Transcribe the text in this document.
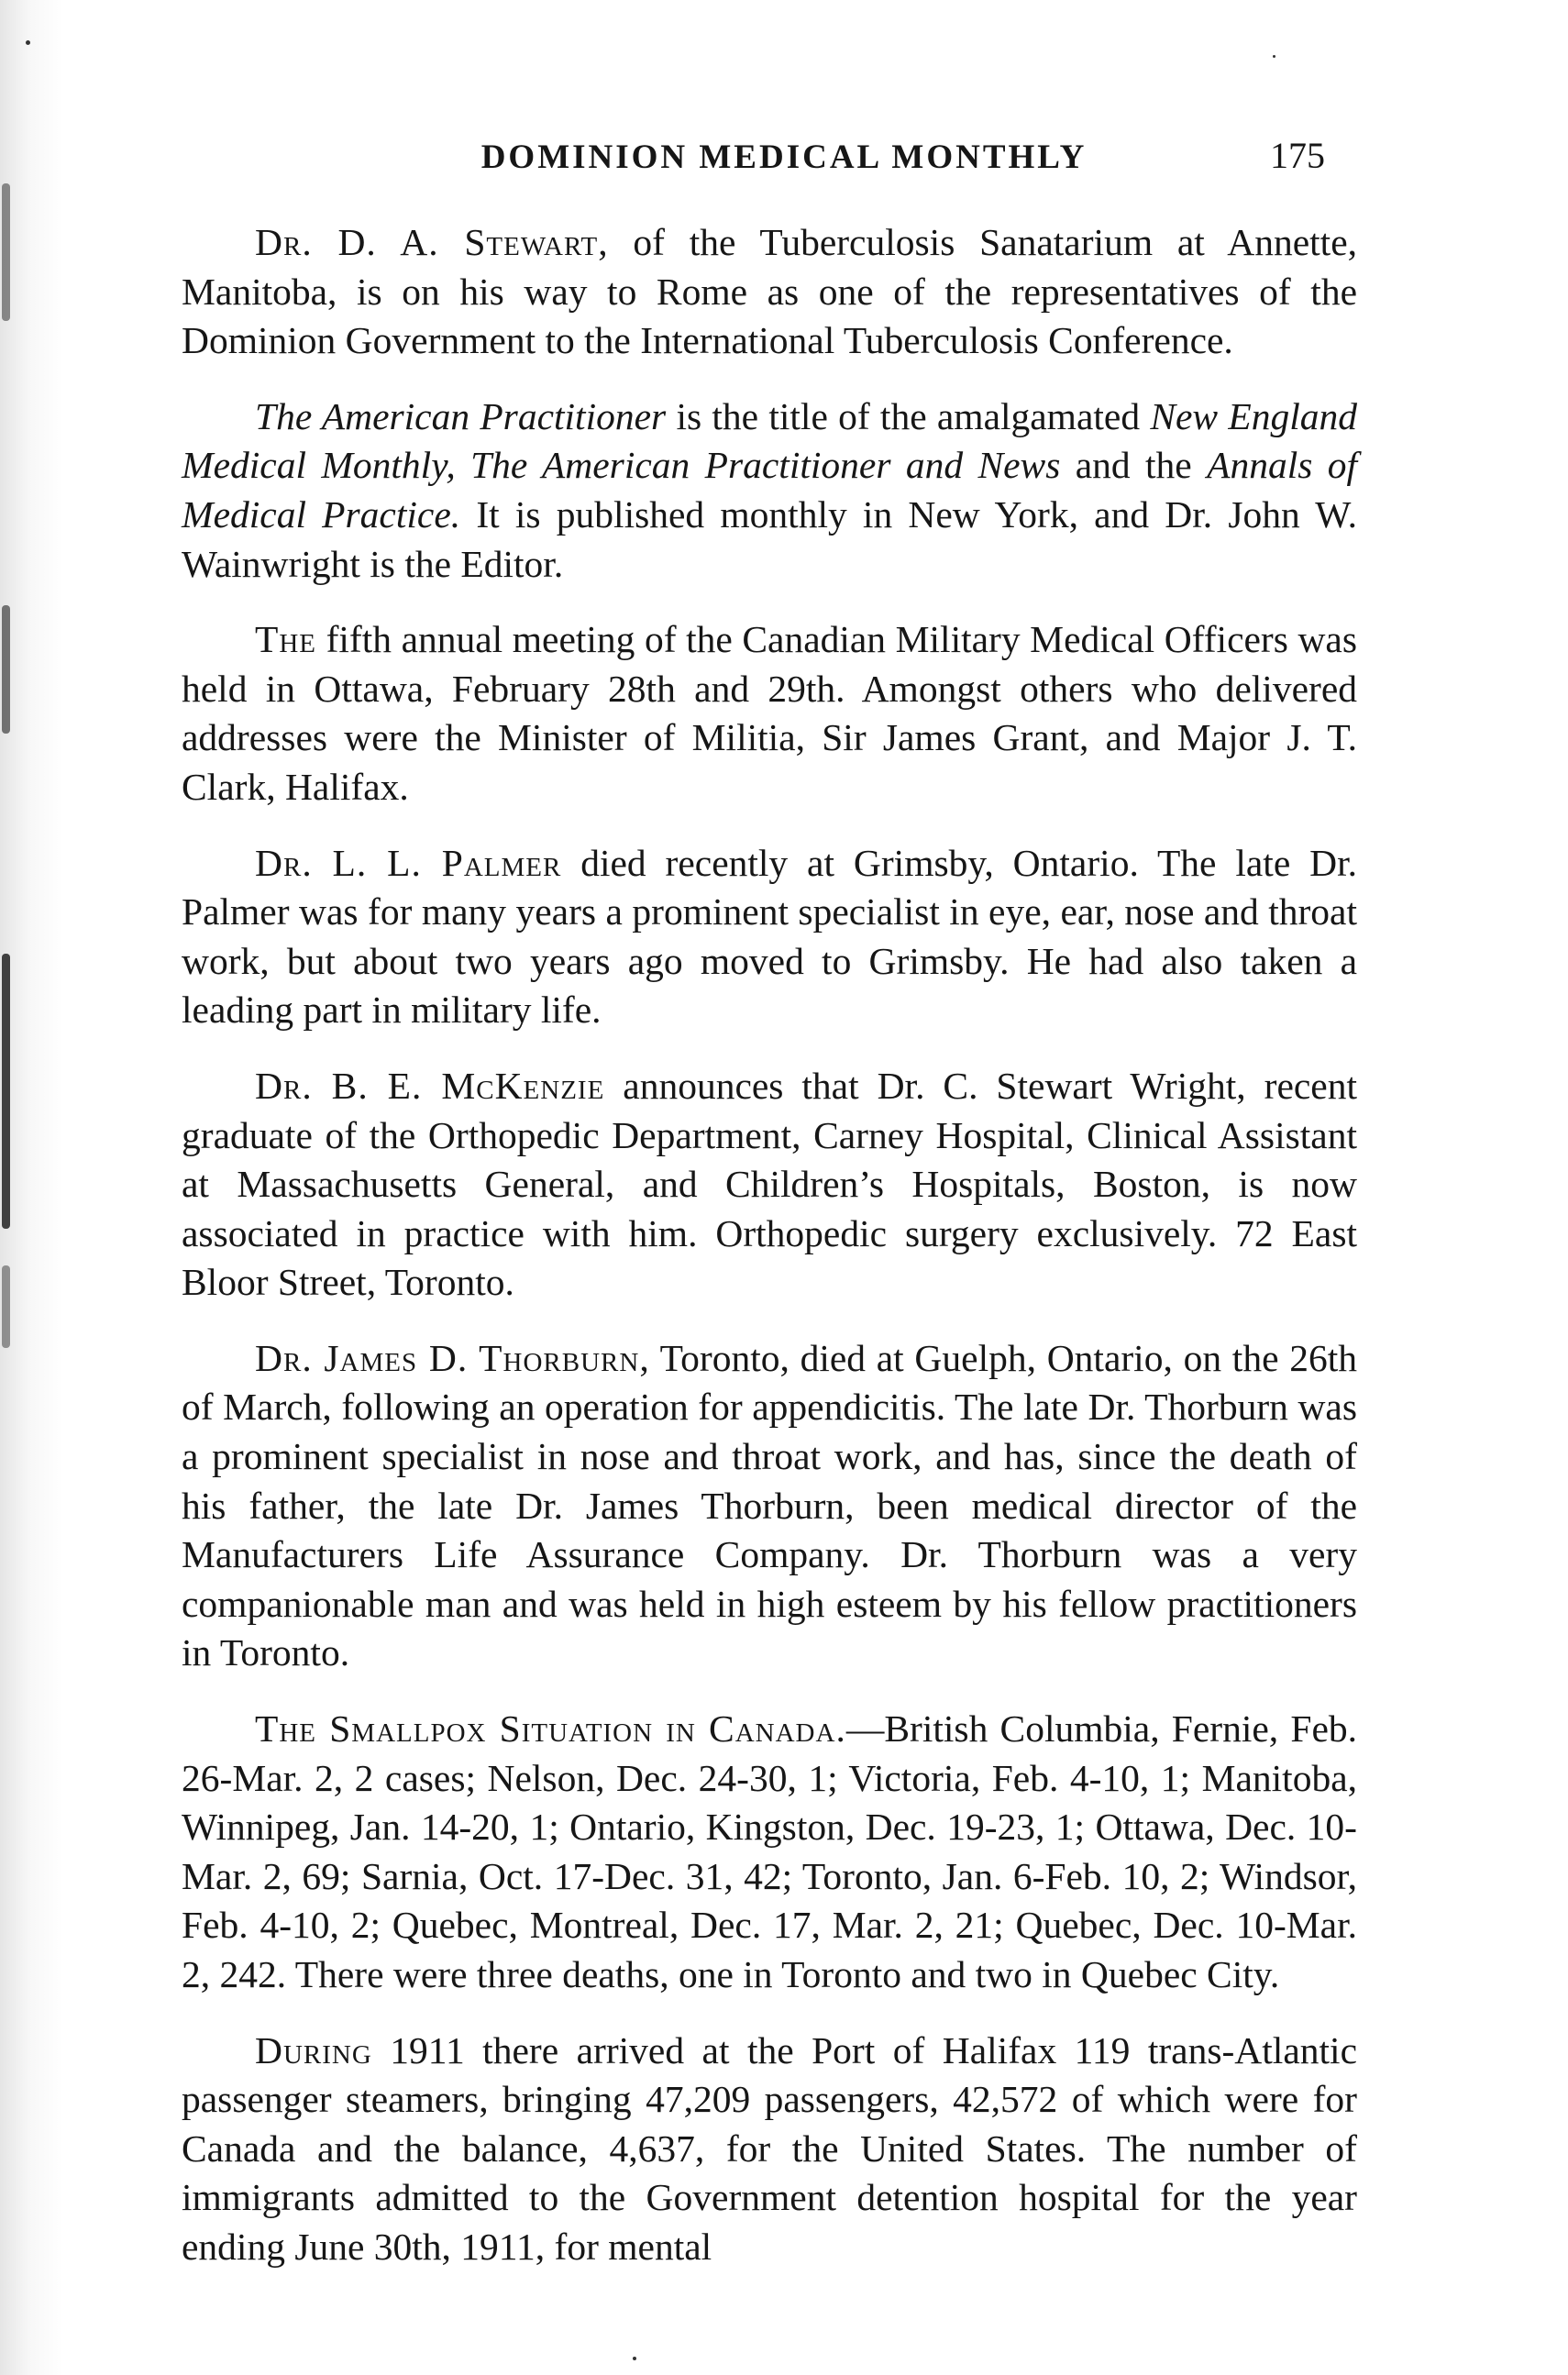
DOMINION MEDICAL MONTHLY	175

Dr. D. A. Stewart, of the Tuberculosis Sanatarium at Annette, Manitoba, is on his way to Rome as one of the representatives of the Dominion Government to the International Tuberculosis Conference.

The American Practitioner is the title of the amalgamated New England Medical Monthly, The American Practitioner and News and the Annals of Medical Practice. It is published monthly in New York, and Dr. John W. Wainwright is the Editor.

The fifth annual meeting of the Canadian Military Medical Officers was held in Ottawa, February 28th and 29th. Amongst others who delivered addresses were the Minister of Militia, Sir James Grant, and Major J. T. Clark, Halifax.

Dr. L. L. Palmer died recently at Grimsby, Ontario. The late Dr. Palmer was for many years a prominent specialist in eye, ear, nose and throat work, but about two years ago moved to Grimsby. He had also taken a leading part in military life.

Dr. B. E. McKenzie announces that Dr. C. Stewart Wright, recent graduate of the Orthopedic Department, Carney Hospital, Clinical Assistant at Massachusetts General, and Children’s Hospitals, Boston, is now associated in practice with him. Orthopedic surgery exclusively. 72 East Bloor Street, Toronto.

Dr. James D. Thorburn, Toronto, died at Guelph, Ontario, on the 26th of March, following an operation for appendicitis. The late Dr. Thorburn was a prominent specialist in nose and throat work, and has, since the death of his father, the late Dr. James Thorburn, been medical director of the Manufacturers Life Assurance Company. Dr. Thorburn was a very companionable man and was held in high esteem by his fellow practitioners in Toronto.

The Smallpox Situation in Canada.—British Columbia, Fernie, Feb. 26-Mar. 2, 2 cases; Nelson, Dec. 24-30, 1; Victoria, Feb. 4-10, 1; Manitoba, Winnipeg, Jan. 14-20, 1; Ontario, Kingston, Dec. 19-23, 1; Ottawa, Dec. 10-Mar. 2, 69; Sarnia, Oct. 17-Dec. 31, 42; Toronto, Jan. 6-Feb. 10, 2; Windsor, Feb. 4-10, 2; Quebec, Montreal, Dec. 17, Mar. 2, 21; Quebec, Dec. 10-Mar. 2, 242. There were three deaths, one in Toronto and two in Quebec City.

During 1911 there arrived at the Port of Halifax 119 trans-Atlantic passenger steamers, bringing 47,209 passengers, 42,572 of which were for Canada and the balance, 4,637, for the United States. The number of immigrants admitted to the Government detention hospital for the year ending June 30th, 1911, for mental
